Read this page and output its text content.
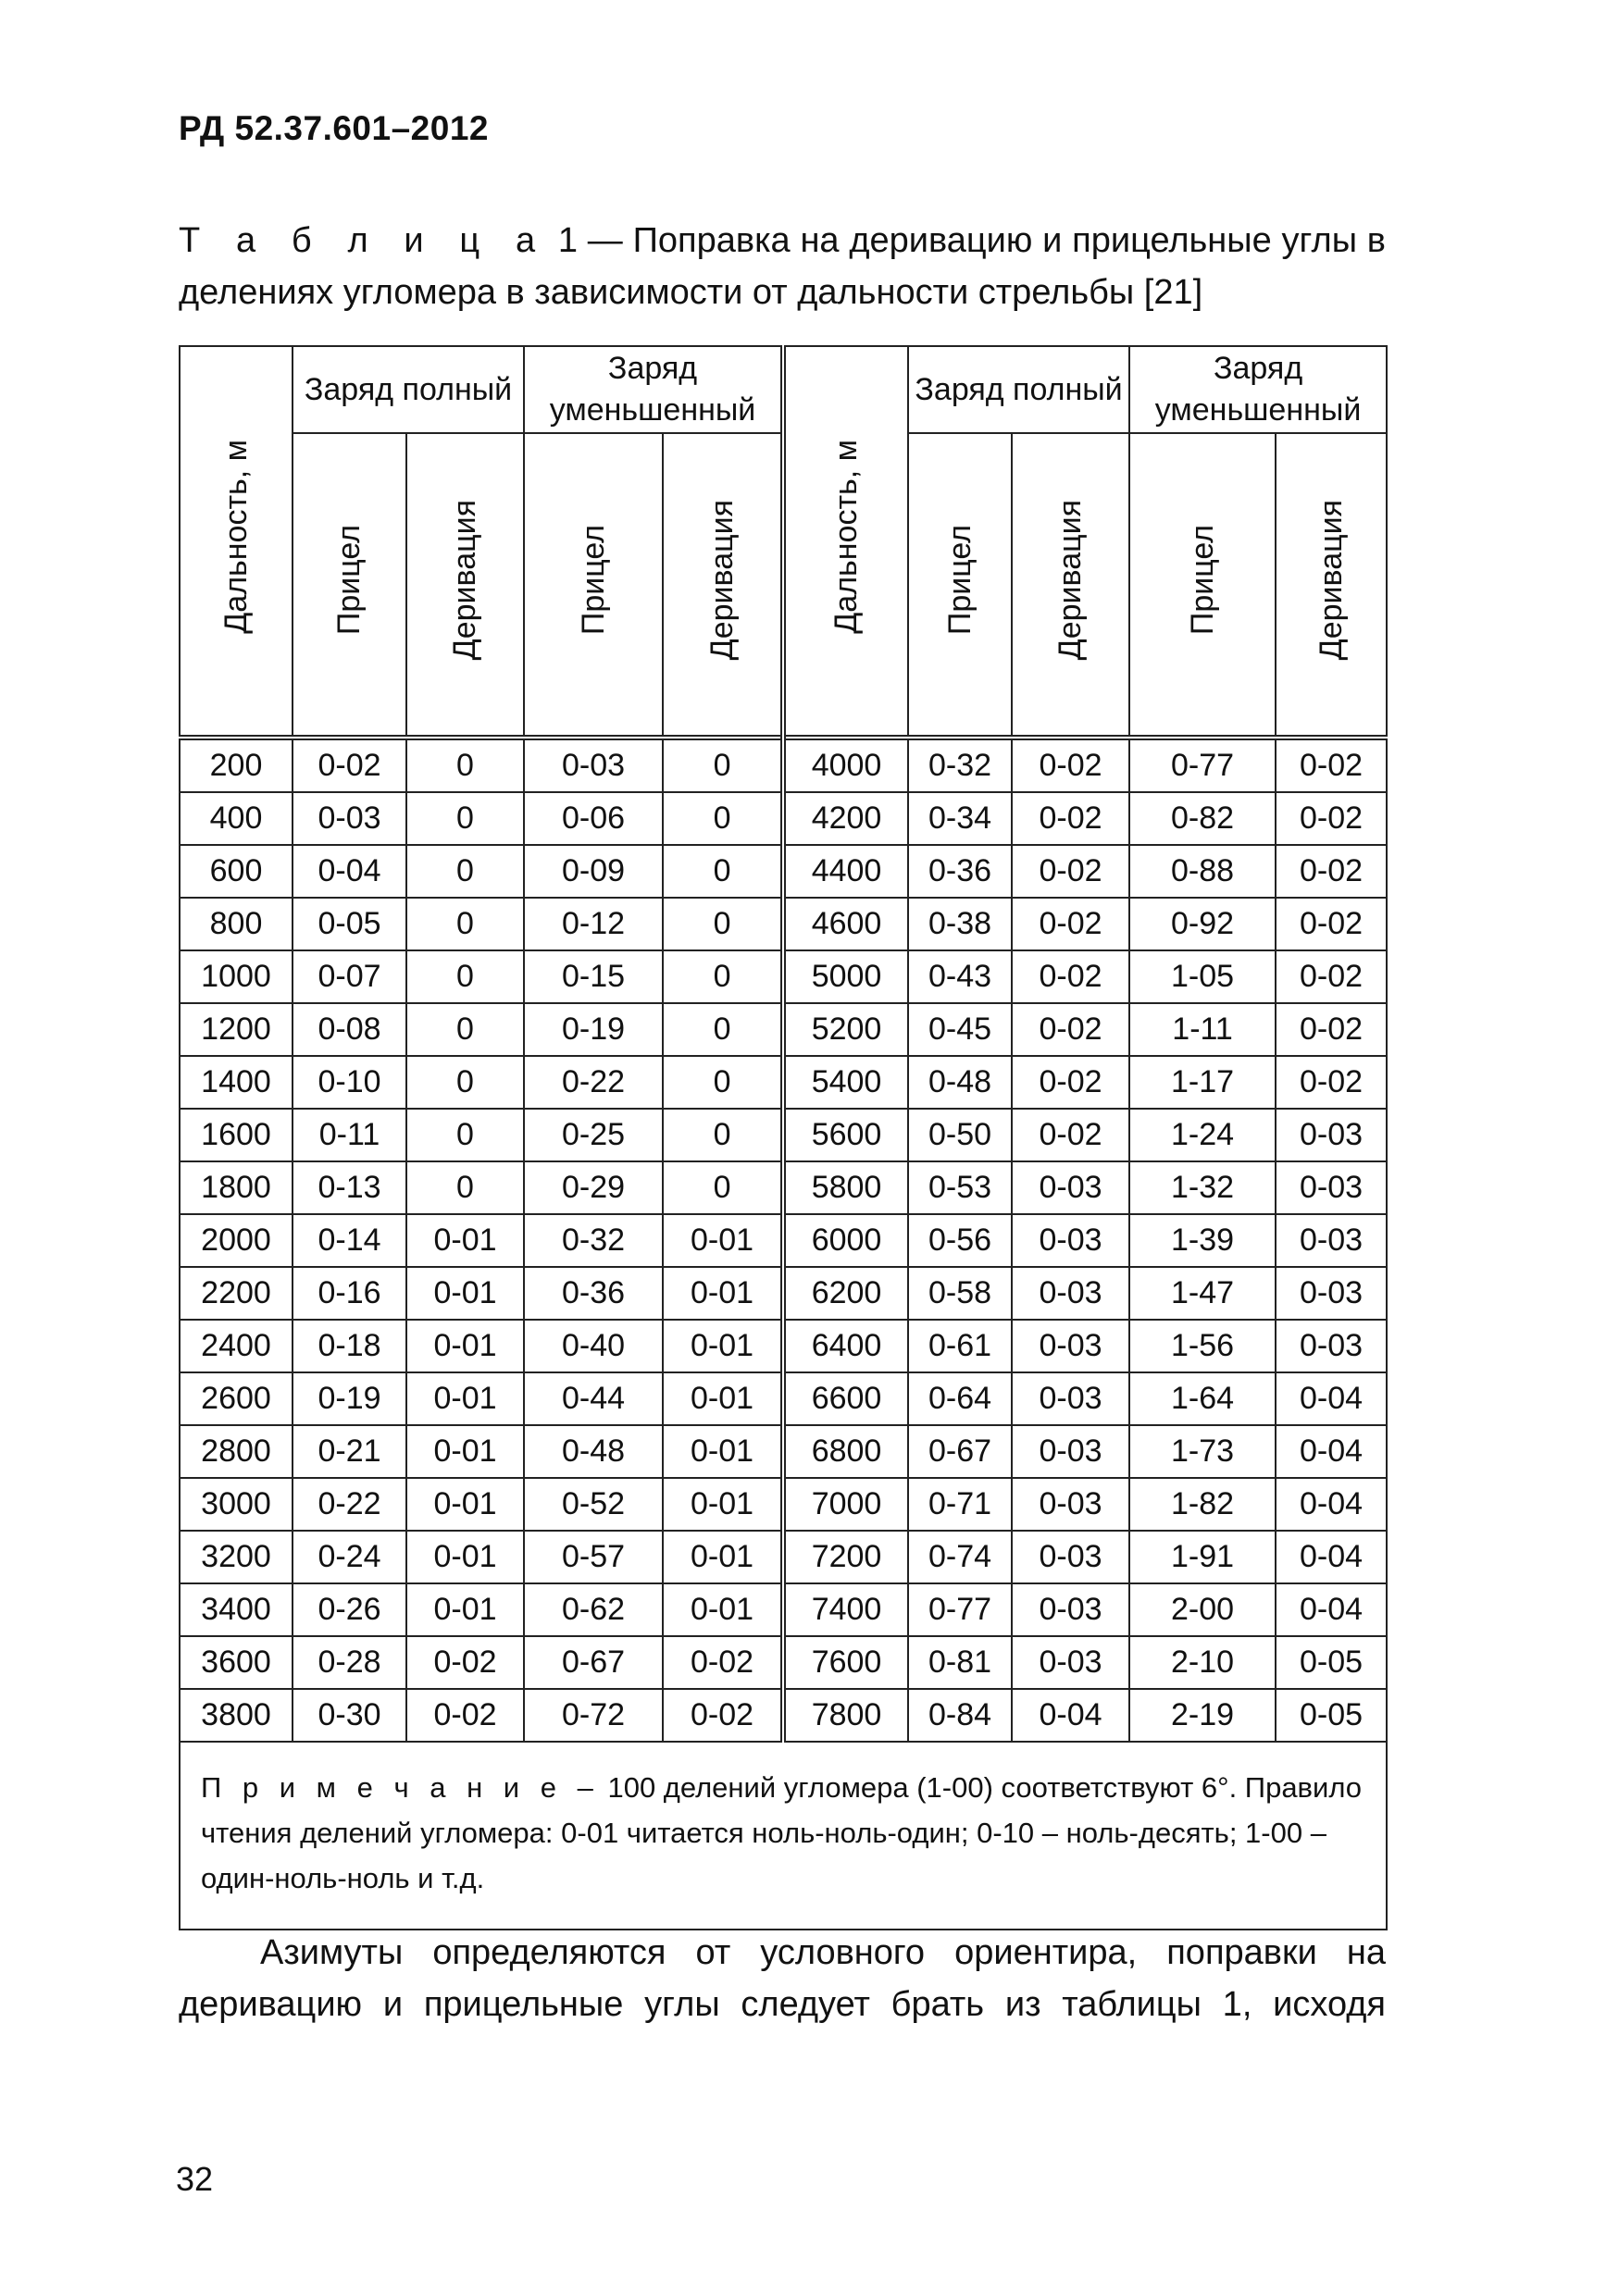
РД 52.37.601–2012

Т а б л и ц а 1 — Поправка на деривацию и прицельные углы в делениях угломера в зависимости от дальности стрельбы [21]

Дальность, м	Заряд полный		Заряд уменьшенный		Дальность, м	Заряд полный		Заряд уменьшенный	
	Прицел	Деривация	Прицел	Деривация		Прицел	Деривация	Прицел	Деривация
200	0-02	0	0-03	0	4000	0-32	0-02	0-77	0-02
400	0-03	0	0-06	0	4200	0-34	0-02	0-82	0-02
600	0-04	0	0-09	0	4400	0-36	0-02	0-88	0-02
800	0-05	0	0-12	0	4600	0-38	0-02	0-92	0-02
1000	0-07	0	0-15	0	5000	0-43	0-02	1-05	0-02
1200	0-08	0	0-19	0	5200	0-45	0-02	1-11	0-02
1400	0-10	0	0-22	0	5400	0-48	0-02	1-17	0-02
1600	0-11	0	0-25	0	5600	0-50	0-02	1-24	0-03
1800	0-13	0	0-29	0	5800	0-53	0-03	1-32	0-03
2000	0-14	0-01	0-32	0-01	6000	0-56	0-03	1-39	0-03
2200	0-16	0-01	0-36	0-01	6200	0-58	0-03	1-47	0-03
2400	0-18	0-01	0-40	0-01	6400	0-61	0-03	1-56	0-03
2600	0-19	0-01	0-44	0-01	6600	0-64	0-03	1-64	0-04
2800	0-21	0-01	0-48	0-01	6800	0-67	0-03	1-73	0-04
3000	0-22	0-01	0-52	0-01	7000	0-71	0-03	1-82	0-04
3200	0-24	0-01	0-57	0-01	7200	0-74	0-03	1-91	0-04
3400	0-26	0-01	0-62	0-01	7400	0-77	0-03	2-00	0-04
3600	0-28	0-02	0-67	0-02	7600	0-81	0-03	2-10	0-05
3800	0-30	0-02	0-72	0-02	7800	0-84	0-04	2-19	0-05
П р и м е ч а н и е – 100 делений угломера (1-00) соответствуют 6°. Правило чтения делений угломера: 0-01 читается ноль-ноль-один; 0-10 – ноль-десять; 1-00 – один-ноль-ноль и т.д.									

Азимуты определяются от условного ориентира, поправки на деривацию и прицельные углы следует брать из таблицы 1, исходя

32
